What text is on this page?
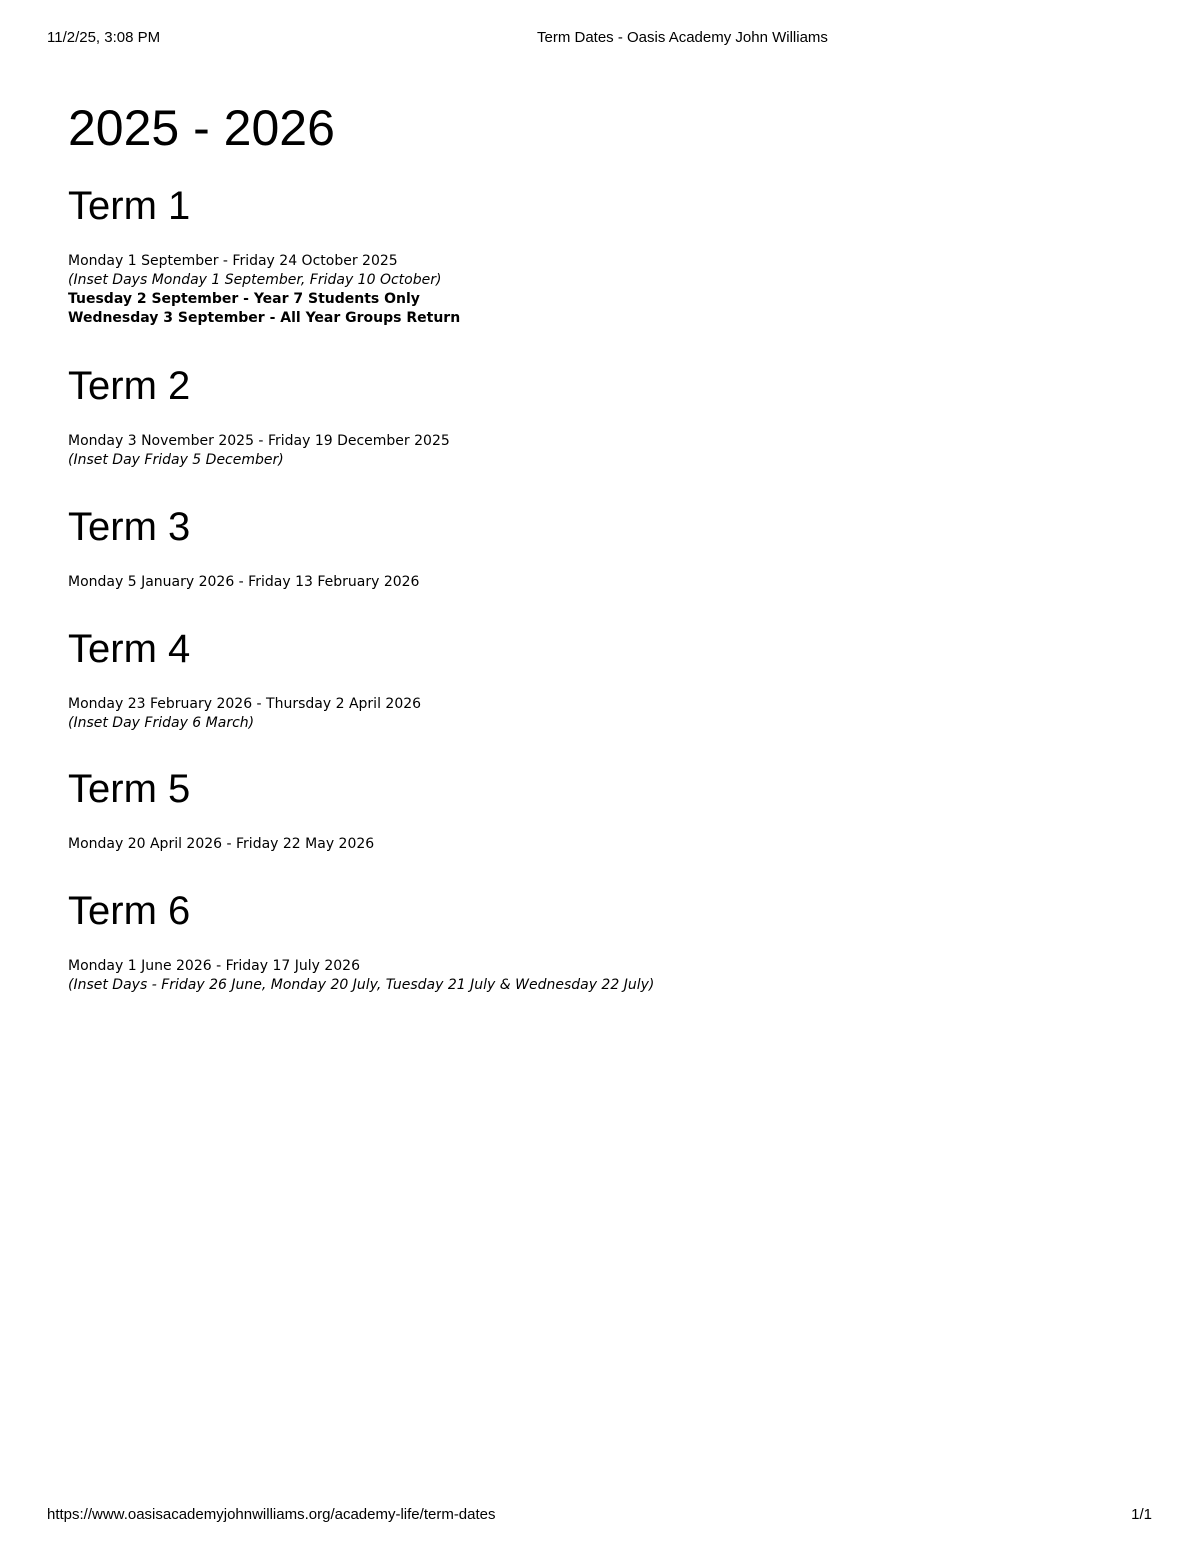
11/2/25, 3:08 PM	Term Dates - Oasis Academy John Williams
2025 - 2026
Term 1
Monday 1 September - Friday 24 October 2025
(Inset Days Monday 1 September, Friday 10 October)
Tuesday 2 September - Year 7 Students Only
Wednesday 3 September - All Year Groups Return
Term 2
Monday 3 November 2025 - Friday 19 December 2025
(Inset Day Friday 5 December)
Term 3
Monday 5 January 2026 - Friday 13 February 2026
Term 4
Monday 23 February 2026 - Thursday 2 April 2026
(Inset Day Friday 6 March)
Term 5
Monday 20 April 2026 - Friday 22 May 2026
Term 6
Monday 1 June 2026 - Friday 17 July 2026
(Inset Days - Friday 26 June, Monday 20 July, Tuesday 21 July & Wednesday 22 July)
https://www.oasisacademyjohnwilliams.org/academy-life/term-dates	1/1
